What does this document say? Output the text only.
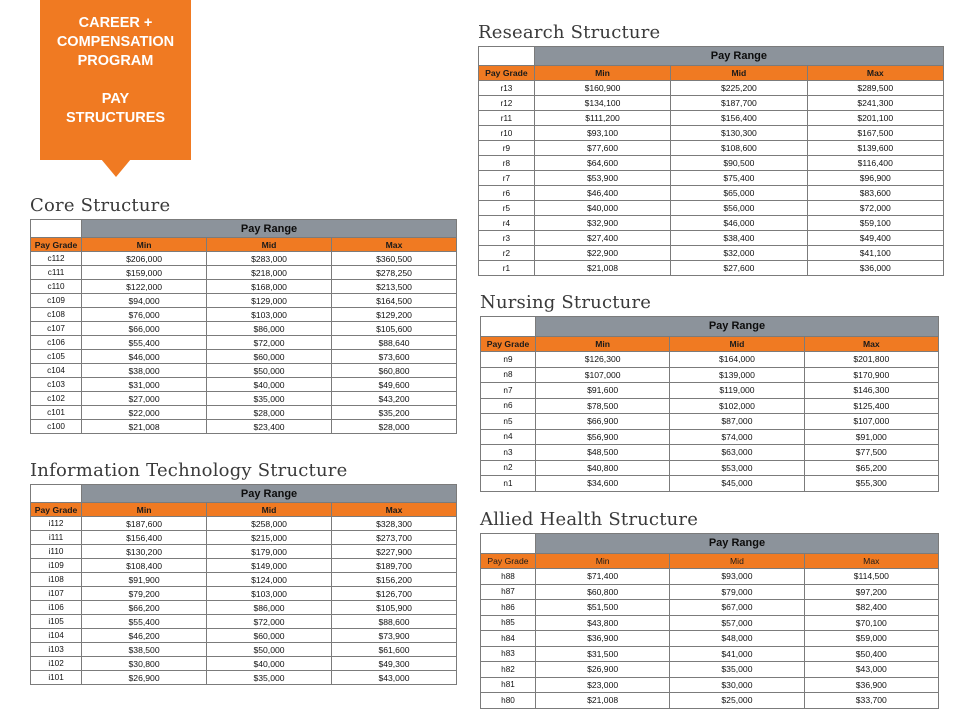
CAREER +
COMPENSATION
PROGRAM
PAY
STRUCTURES
Core Structure
	Pay Range		
Pay Grade	Min	Mid	Max
c112	$206,000	$283,000	$360,500
c111	$159,000	$218,000	$278,250
c110	$122,000	$168,000	$213,500
c109	$94,000	$129,000	$164,500
c108	$76,000	$103,000	$129,200
c107	$66,000	$86,000	$105,600
c106	$55,400	$72,000	$88,640
c105	$46,000	$60,000	$73,600
c104	$38,000	$50,000	$60,800
c103	$31,000	$40,000	$49,600
c102	$27,000	$35,000	$43,200
c101	$22,000	$28,000	$35,200
c100	$21,008	$23,400	$28,000
Information Technology Structure
	Pay Range		
Pay Grade	Min	Mid	Max
i112	$187,600	$258,000	$328,300
i111	$156,400	$215,000	$273,700
i110	$130,200	$179,000	$227,900
i109	$108,400	$149,000	$189,700
i108	$91,900	$124,000	$156,200
i107	$79,200	$103,000	$126,700
i106	$66,200	$86,000	$105,900
i105	$55,400	$72,000	$88,600
i104	$46,200	$60,000	$73,900
i103	$38,500	$50,000	$61,600
i102	$30,800	$40,000	$49,300
i101	$26,900	$35,000	$43,000
Research Structure
	Pay Range		
Pay Grade	Min	Mid	Max
r13	$160,900	$225,200	$289,500
r12	$134,100	$187,700	$241,300
r11	$111,200	$156,400	$201,100
r10	$93,100	$130,300	$167,500
r9	$77,600	$108,600	$139,600
r8	$64,600	$90,500	$116,400
r7	$53,900	$75,400	$96,900
r6	$46,400	$65,000	$83,600
r5	$40,000	$56,000	$72,000
r4	$32,900	$46,000	$59,100
r3	$27,400	$38,400	$49,400
r2	$22,900	$32,000	$41,100
r1	$21,008	$27,600	$36,000
Nursing Structure
	Pay Range		
Pay Grade	Min	Mid	Max
n9	$126,300	$164,000	$201,800
n8	$107,000	$139,000	$170,900
n7	$91,600	$119,000	$146,300
n6	$78,500	$102,000	$125,400
n5	$66,900	$87,000	$107,000
n4	$56,900	$74,000	$91,000
n3	$48,500	$63,000	$77,500
n2	$40,800	$53,000	$65,200
n1	$34,600	$45,000	$55,300
Allied Health Structure
	Pay Range		
Pay Grade	Min	Mid	Max
h88	$71,400	$93,000	$114,500
h87	$60,800	$79,000	$97,200
h86	$51,500	$67,000	$82,400
h85	$43,800	$57,000	$70,100
h84	$36,900	$48,000	$59,000
h83	$31,500	$41,000	$50,400
h82	$26,900	$35,000	$43,000
h81	$23,000	$30,000	$36,900
h80	$21,008	$25,000	$33,700
